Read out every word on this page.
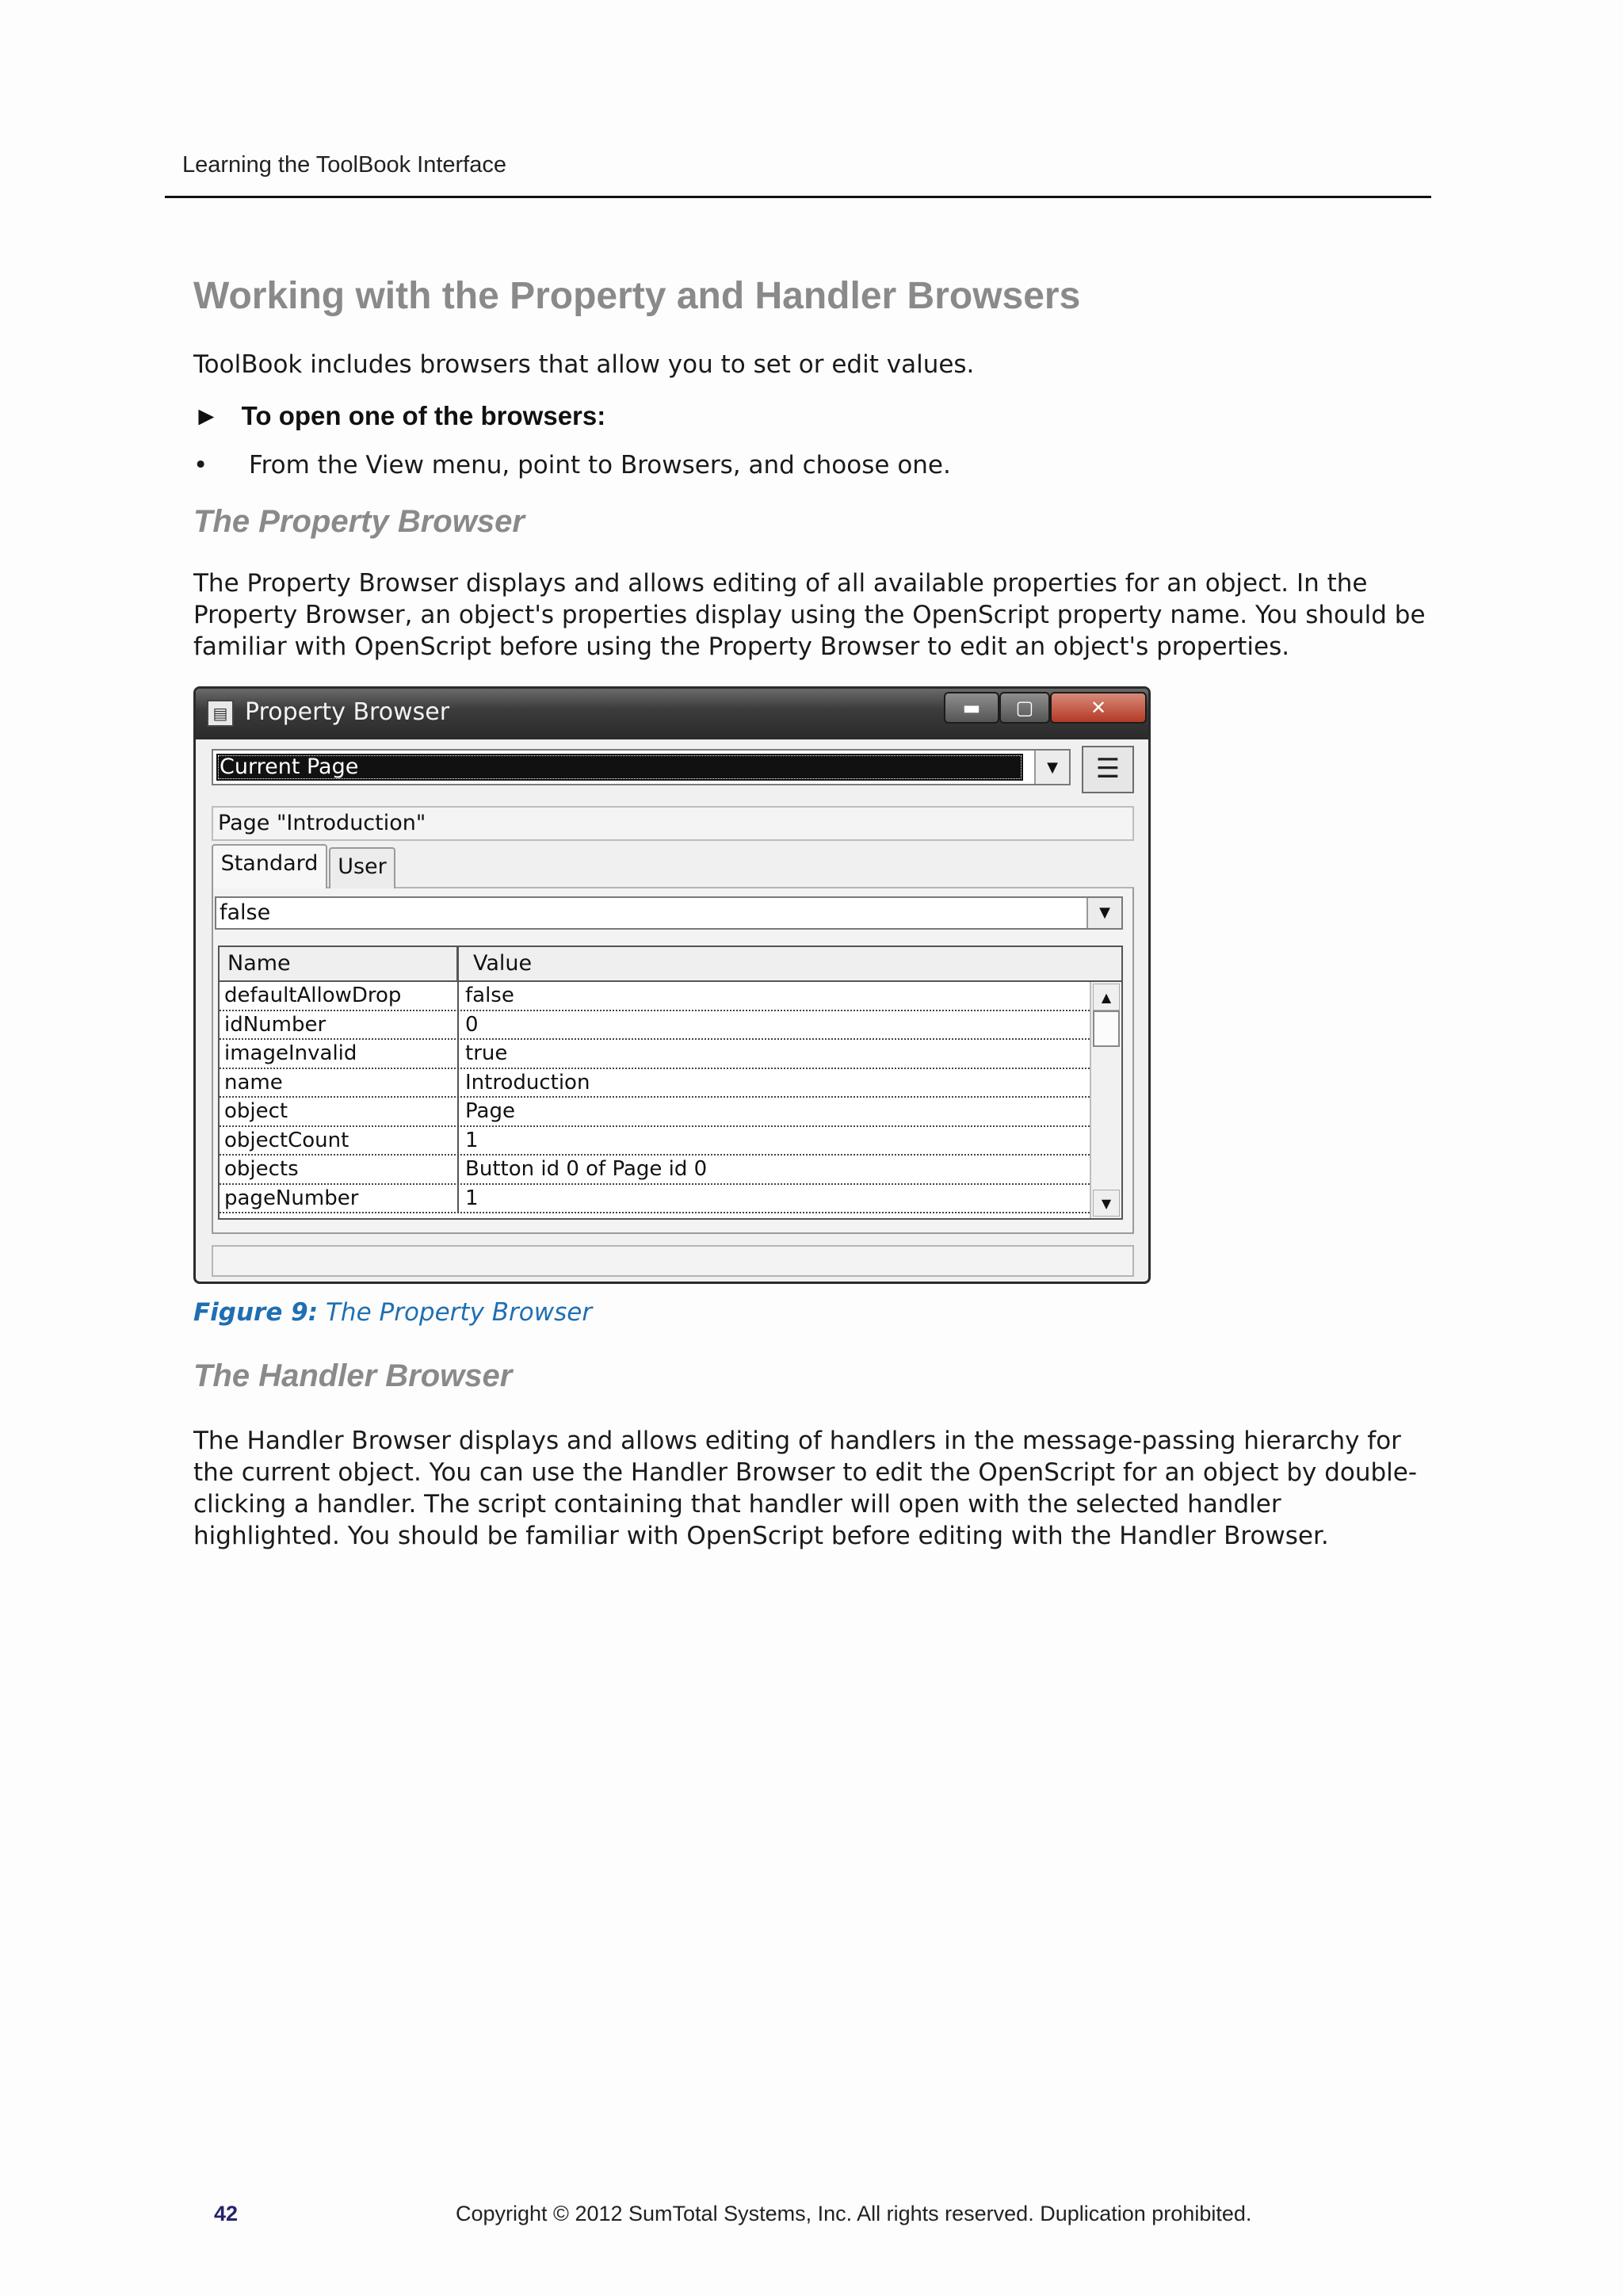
Learning the ToolBook Interface
Working with the Property and Handler Browsers
ToolBook includes browsers that allow you to set or edit values.
► To open one of the browsers:
• From the View menu, point to Browsers, and choose one.
The Property Browser
The Property Browser displays and allows editing of all available properties for an object. In the Property Browser, an object's properties display using the OpenScript property name. You should be familiar with OpenScript before using the Property Browser to edit an object's properties.
▤ Property Browser	▬	▢	✕
Current Page	▼	☰
Page "Introduction"
Standard User
false	▼
Name	Value
defaultAllowDrop	false
idNumber	0
imageInvalid	true
name	Introduction
object	Page
objectCount	1
objects	Button id 0 of Page id 0
pageNumber	1
▲
▼
Figure 9: The Property Browser
The Handler Browser
The Handler Browser displays and allows editing of handlers in the message-passing hierarchy for the current object. You can use the Handler Browser to edit the OpenScript for an object by double-clicking a handler. The script containing that handler will open with the selected handler highlighted. You should be familiar with OpenScript before editing with the Handler Browser.
42	Copyright © 2012 SumTotal Systems, Inc. All rights reserved. Duplication prohibited.
